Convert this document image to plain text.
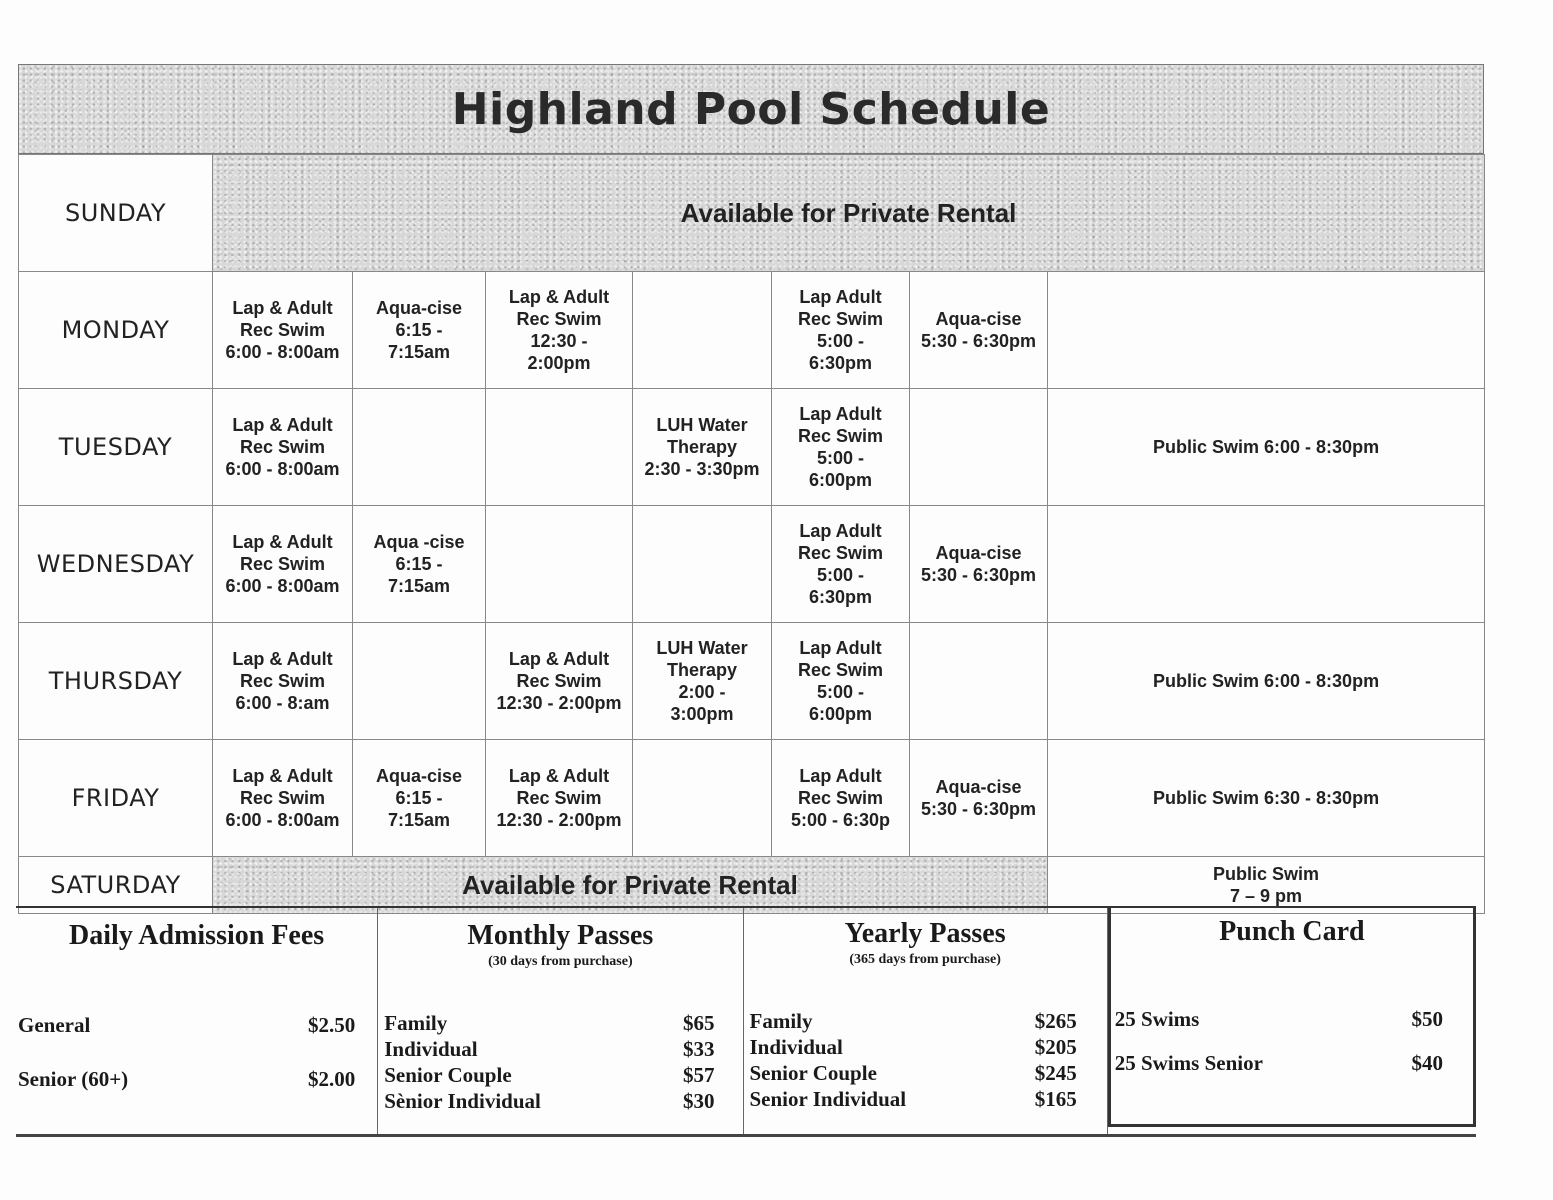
Highland Pool Schedule
SUNDAY	Available for Private Rental						
MONDAY	Lap & Adult
Rec Swim
6:00 - 8:00am	Aqua-cise
6:15 -
7:15am	Lap & Adult
Rec Swim
12:30 -
2:00pm		Lap Adult
Rec Swim
5:00 -
6:30pm	Aqua-cise
5:30 - 6:30pm	
TUESDAY	Lap & Adult
Rec Swim
6:00 - 8:00am			LUH Water
Therapy
2:30 - 3:30pm	Lap Adult
Rec Swim
5:00 -
6:00pm		Public Swim 6:00 - 8:30pm
WEDNESDAY	Lap & Adult
Rec Swim
6:00 - 8:00am	Aqua -cise
6:15 -
7:15am			Lap Adult
Rec Swim
5:00 -
6:30pm	Aqua-cise
5:30 - 6:30pm	
THURSDAY	Lap & Adult
Rec Swim
6:00 - 8:am		Lap & Adult
Rec Swim
12:30 - 2:00pm	LUH Water
Therapy
2:00 -
3:00pm	Lap Adult
Rec Swim
5:00 -
6:00pm		Public Swim 6:00 - 8:30pm
FRIDAY	Lap & Adult
Rec Swim
6:00 - 8:00am	Aqua-cise
6:15 -
7:15am	Lap & Adult
Rec Swim
12:30 - 2:00pm		Lap Adult
Rec Swim
5:00 - 6:30p	Aqua-cise
5:30 - 6:30pm	Public Swim 6:30 - 8:30pm
SATURDAY	Available for Private Rental						Public Swim
7 – 9 pm
Daily Admission Fees
General	$2.50
Senior (60+)	$2.00
Monthly Passes
(30 days from purchase)
Family	$65
Individual	$33
Senior Couple	$57
Sènior Individual	$30
Yearly Passes
(365 days from purchase)
Family	$265
Individual	$205
Senior Couple	$245
Senior Individual	$165
Punch Card
25 Swims	$50
25 Swims Senior	$40
